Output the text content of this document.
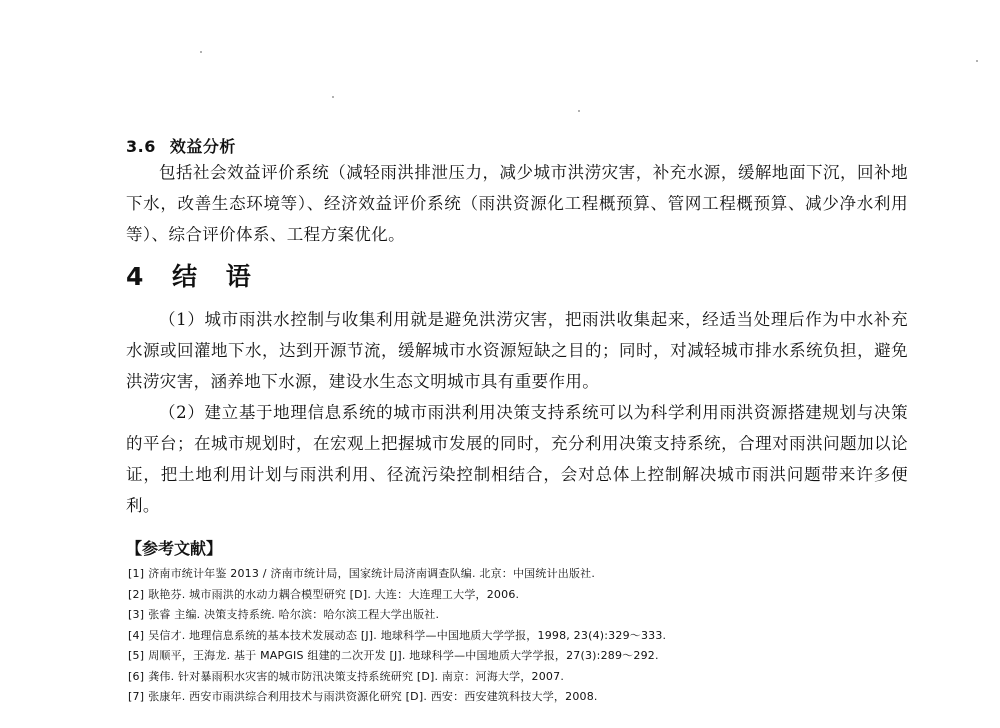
3.6 效益分析
包括社会效益评价系统（减轻雨洪排泄压力，减少城市洪涝灾害，补充水源，缓解地面下沉，回补地下水，改善生态环境等）、经济效益评价系统（雨洪资源化工程概预算、管网工程概预算、减少净水利用等）、综合评价体系、工程方案优化。
4 结 语
（1）城市雨洪水控制与收集利用就是避免洪涝灾害，把雨洪收集起来，经适当处理后作为中水补充水源或回灌地下水，达到开源节流，缓解城市水资源短缺之目的；同时，对减轻城市排水系统负担，避免洪涝灾害，涵养地下水源，建设水生态文明城市具有重要作用。
（2）建立基于地理信息系统的城市雨洪利用决策支持系统可以为科学利用雨洪资源搭建规划与决策的平台；在城市规划时，在宏观上把握城市发展的同时，充分利用决策支持系统，合理对雨洪问题加以论证，把土地利用计划与雨洪利用、径流污染控制相结合，会对总体上控制解决城市雨洪问题带来许多便利。
【参考文献】
[1] 济南市统计年鉴 2013 / 济南市统计局，国家统计局济南调查队编. 北京：中国统计出版社.
[2] 耿艳芬. 城市雨洪的水动力耦合模型研究 [D]. 大连：大连理工大学，2006.
[3] 张睿 主编. 决策支持系统. 哈尔滨：哈尔滨工程大学出版社.
[4] 吴信才. 地理信息系统的基本技术发展动态 [J]. 地球科学—中国地质大学学报，1998, 23(4):329～333.
[5] 周顺平，王海龙. 基于 MAPGIS 组建的二次开发 [J]. 地球科学—中国地质大学学报，27(3):289～292.
[6] 龚伟. 针对暴雨积水灾害的城市防汛决策支持系统研究 [D]. 南京：河海大学，2007.
[7] 张康年. 西安市雨洪综合利用技术与雨洪资源化研究 [D]. 西安：西安建筑科技大学，2008.
